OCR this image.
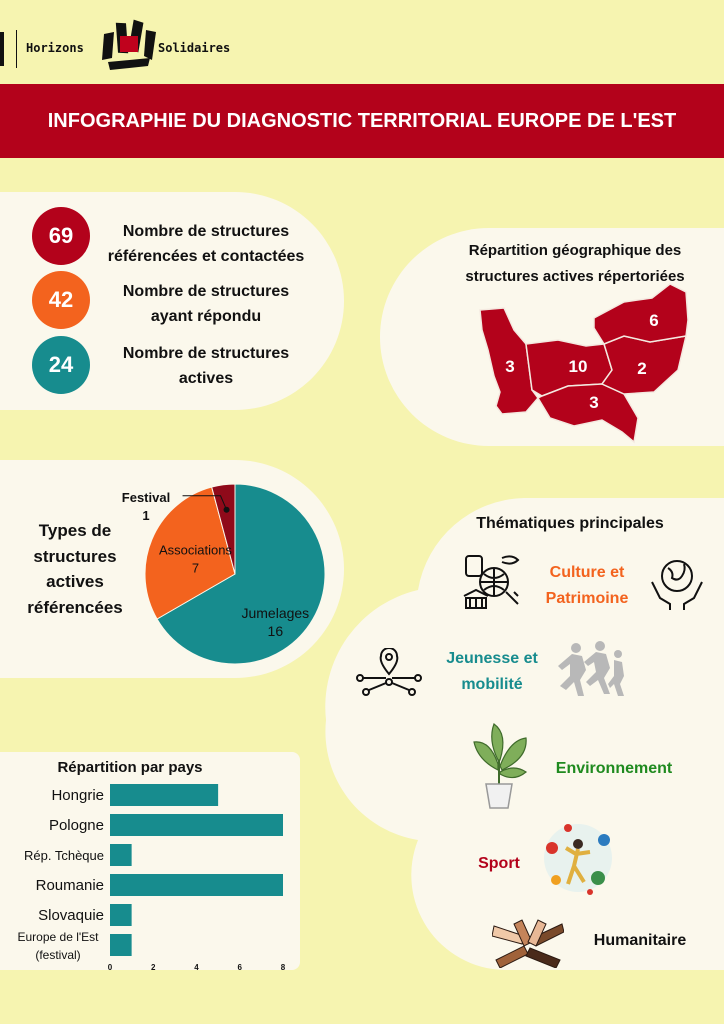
Horizons	Solidaires
INFOGRAPHIE DU DIAGNOSTIC TERRITORIAL EUROPE DE L'EST
69	Nombre de structures
référencées et contactées
42	Nombre de structures
ayant répondu
24	Nombre de structures
actives
Répartition géographique des
structures actives répertoriées
3	10
3
2
6
Types de
structures
actives
référencées	Jumelages
16
Associations
7
Festival
1	Thématiques principales
Culture et
Patrimoine
Jeunesse et
mobilité
Environnement
Sport
Humanitaire
Répartition par pays
Hongrie
Pologne
Rép. Tchèque
Roumanie
Slovaquie
Europe de l'Est
(festival)
0	2	4	6	8
